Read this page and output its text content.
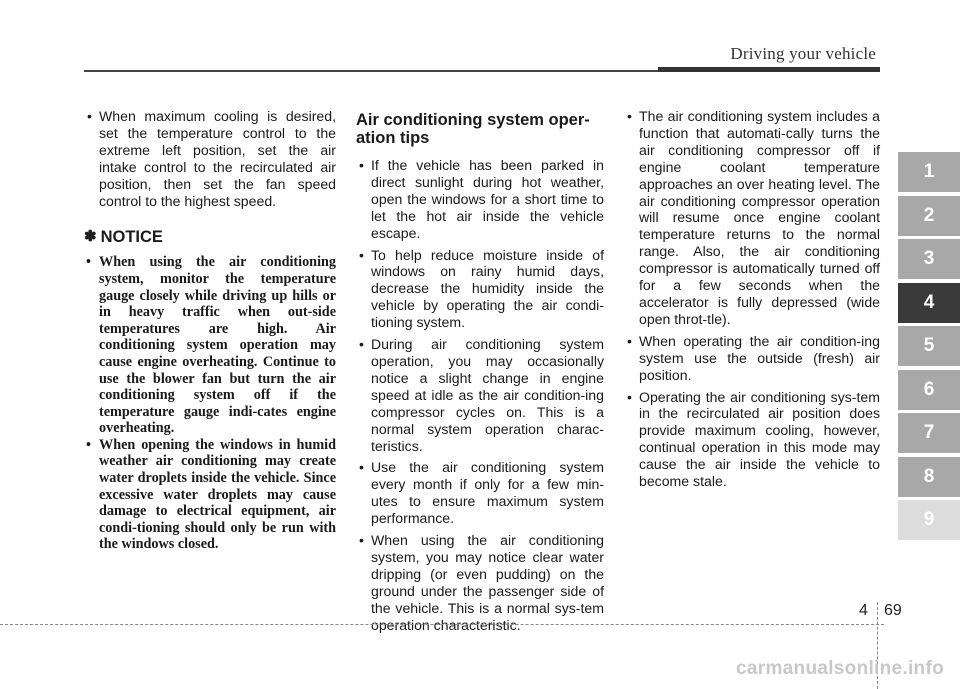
Driving your vehicle
• When maximum cooling is desired, set the temperature control to the extreme left position, set the air intake control to the recirculated air position, then set the fan speed control to the highest speed.
✽ NOTICE
• When using the air conditioning system, monitor the temperature gauge closely while driving up hills or in heavy traffic when out-side temperatures are high. Air conditioning system operation may cause engine overheating. Continue to use the blower fan but turn the air conditioning system off if the temperature gauge indi-cates engine overheating.
• When opening the windows in humid weather air conditioning may create water droplets inside the vehicle. Since excessive water droplets may cause damage to electrical equipment, air condi-tioning should only be run with the windows closed.
Air conditioning system oper-ation tips
• If the vehicle has been parked in direct sunlight during hot weather, open the windows for a short time to let the hot air inside the vehicle escape.
• To help reduce moisture inside of windows on rainy humid days, decrease the humidity inside the vehicle by operating the air condi-tioning system.
• During air conditioning system operation, you may occasionally notice a slight change in engine speed at idle as the air condition-ing compressor cycles on. This is a normal system operation charac-teristics.
• Use the air conditioning system every month if only for a few min-utes to ensure maximum system performance.
• When using the air conditioning system, you may notice clear water dripping (or even pudding) on the ground under the passenger side of the vehicle. This is a normal sys-tem operation characteristic.
• The air conditioning system includes a function that automati-cally turns the air conditioning compressor off if engine coolant temperature approaches an over heating level. The air conditioning compressor operation will resume once engine coolant temperature returns to the normal range. Also, the air conditioning compressor is automatically turned off for a few seconds when the accelerator is fully depressed (wide open throt-tle).
• When operating the air condition-ing system use the outside (fresh) air position.
• Operating the air conditioning sys-tem in the recirculated air position does provide maximum cooling, however, continual operation in this mode may cause the air inside the vehicle to become stale.
1
2
3
4
5
6
7
8
9
4 69
carmanualsonline.info
